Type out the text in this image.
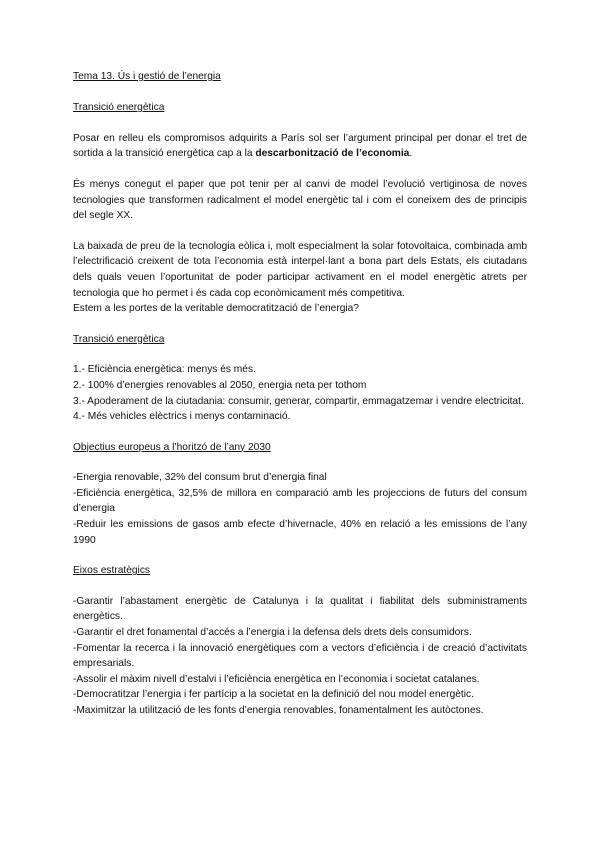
Tema 13. Ús i gestió de l’energia

Transició energètica

Posar en relleu els compromisos adquirits a París sol ser l’argument principal per donar el tret de sortida a la transició energètica cap a la descarbonització de l’economia.

És menys conegut el paper que pot tenir per al canvi de model l’evolució vertiginosa de noves tecnologies que transformen radicalment el model energètic tal i com el coneixem des de principis del segle XX.

La baixada de preu de la tecnologia eòlica i, molt especialment la solar fotovoltaica, combinada amb l’electrificació creixent de tota l’economia està interpel·lant a bona part dels Estats, els ciutadans dels quals veuen l’oportunitat de poder participar activament en el model energètic atrets per tecnologia que ho permet i és cada cop econòmicament més competitiva.

Estem a les portes de la veritable democratització de l’energia?

Transició energètica

1.- Eficiència energètica: menys és més.

2.- 100% d’energies renovables al 2050, energia neta per tothom

3.- Apoderament de la ciutadania: consumir, generar, compartir, emmagatzemar i vendre electricitat.

4.- Més vehicles elèctrics i menys contaminació.

Objectius europeus a l’horitzó de l’any 2030

-Energia renovable, 32% del consum brut d’energia final

-Eficiència energètica, 32,5% de millora en comparació amb les projeccions de futurs del consum d’energia

-Reduir les emissions de gasos amb efecte d’hivernacle, 40% en relació a les emissions de l’any 1990

Eixos estratègics

-Garantir l’abastament energètic de Catalunya i la qualitat i fiabilitat dels subministraments energètics.

-Garantir el dret fonamental d’accés a l’energia i la defensa dels drets dels consumidors.

-Fomentar la recerca i la innovació energètiques com a vectors d’eficiència i de creació d’activitats empresarials.

-Assolir el màxim nivell d’estalvi i l’eficiència energètica en l’economia i societat catalanes.

-Democratitzar l’energia i fer partícip a la societat en la definició del nou model energètic.

-Maximitzar la utilització de les fonts d’energia renovables, fonamentalment les autòctones.
